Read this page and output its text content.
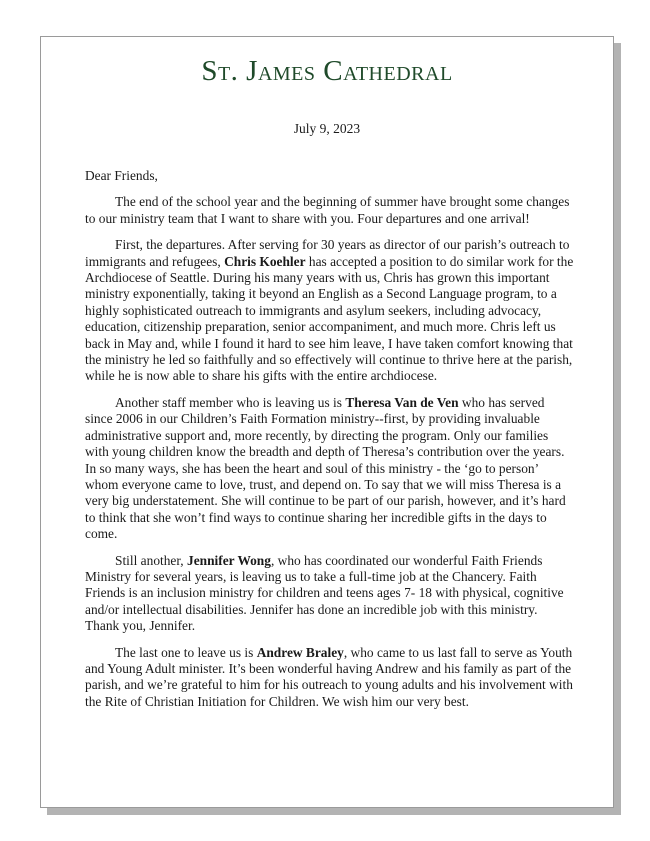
St. James Cathedral
July 9, 2023

Dear Friends,

The end of the school year and the beginning of summer have brought some changes to our ministry team that I want to share with you. Four departures and one arrival!

First, the departures. After serving for 30 years as director of our parish’s outreach to immigrants and refugees, Chris Koehler has accepted a position to do similar work for the Archdiocese of Seattle. During his many years with us, Chris has grown this important ministry exponentially, taking it beyond an English as a Second Language program, to a highly sophisticated outreach to immigrants and asylum seekers, including advocacy, education, citizenship preparation, senior accompaniment, and much more. Chris left us back in May and, while I found it hard to see him leave, I have taken comfort knowing that the ministry he led so faithfully and so effectively will continue to thrive here at the parish, while he is now able to share his gifts with the entire archdiocese.

Another staff member who is leaving us is Theresa Van de Ven who has served since 2006 in our Children’s Faith Formation ministry--first, by providing invaluable administrative support and, more recently, by directing the program. Only our families with young children know the breadth and depth of Theresa’s contribution over the years. In so many ways, she has been the heart and soul of this ministry - the ‘go to person’ whom everyone came to love, trust, and depend on. To say that we will miss Theresa is a very big understatement. She will continue to be part of our parish, however, and it’s hard to think that she won’t find ways to continue sharing her incredible gifts in the days to come.

Still another, Jennifer Wong, who has coordinated our wonderful Faith Friends Ministry for several years, is leaving us to take a full-time job at the Chancery. Faith Friends is an inclusion ministry for children and teens ages 7- 18 with physical, cognitive and/or intellectual disabilities. Jennifer has done an incredible job with this ministry. Thank you, Jennifer.

The last one to leave us is Andrew Braley, who came to us last fall to serve as Youth and Young Adult minister. It’s been wonderful having Andrew and his family as part of the parish, and we’re grateful to him for his outreach to young adults and his involvement with the Rite of Christian Initiation for Children. We wish him our very best.
